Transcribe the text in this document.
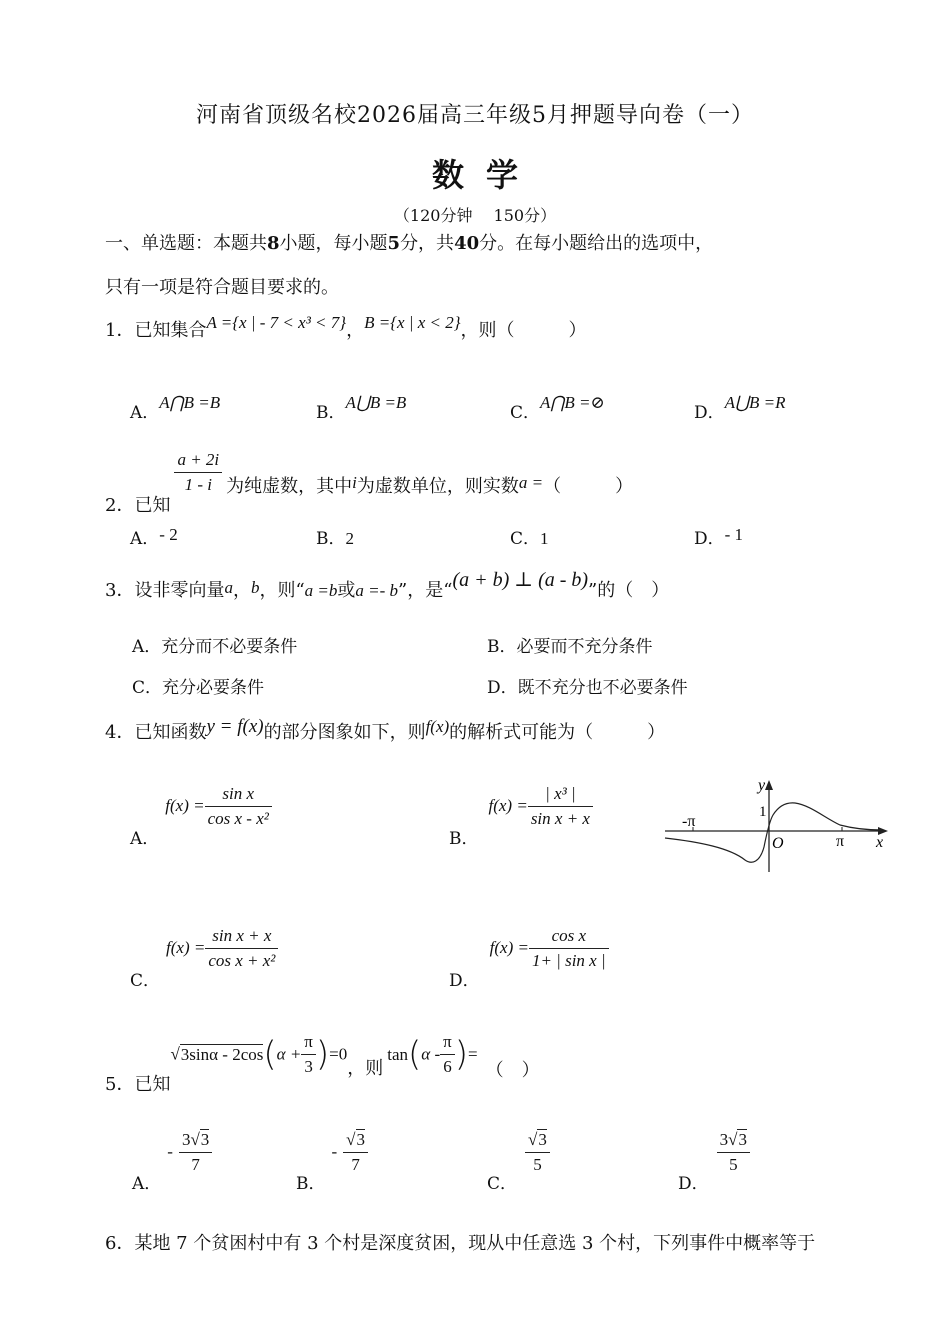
河南省顶级名校2026届高三年级5月押题导向卷（一）
数学
（120分钟　 150分）
一、单选题：本题共8小题，每小题5分，共40分。在每小题给出的选项中，
只有一项是符合题目要求的。
1．已知集合A ={x | - 7 < x³ < 7}，B ={x | x < 2}，则（　　　）
A．A⋂B =B
B．A⋃B =B
C．A⋂B =⊘
D．A⋃B =R
2．已知
$\frac{a + 2i}{1 - i}$ 为纯虚数，其中i为虚数单位，则实数a =（　　　）
A．- 2	B．2	C．1	D．- 1
3．设非零向量a，b，则“a =b或a =- b”，是“(a + b) ⊥ (a - b)”的（　）
A．充分而不必要条件	B．必要而不充分条件
C．充分必要条件	D．既不充分也不必要条件
4．已知函数y = f(x)的部分图象如下，则f(x)的解析式可能为（　　　）
A．$f(x) = \frac{\text{sin x}}{\text{cos x - x²}}$
B．$f(x) = \frac{\text{| x³ |}}{\text{sin x + x}}$
C．$f(x) = \frac{\text{sin x + x}}{\text{cos x + x²}}$
D．$f(x) = \frac{\text{cos x}}{\text{1+ | sin x |}}$
y
1
-π
O	π x
5．已知$√3\sin\alpha - 2\cos(\alpha + \frac{\pi}{3} )=0$，则$\tan(\alpha - \frac{\pi}{6}$ )=（　）
A．- $\frac{3√3}{7}$
B．- $\frac{√3}{7}$
C．
$\frac{√3}{5}$
D．
$\frac{3√3}{5}$
6．某地 7 个贫困村中有 3 个村是深度贫困，现从中任意选 3 个村，下列事件中概率等于
